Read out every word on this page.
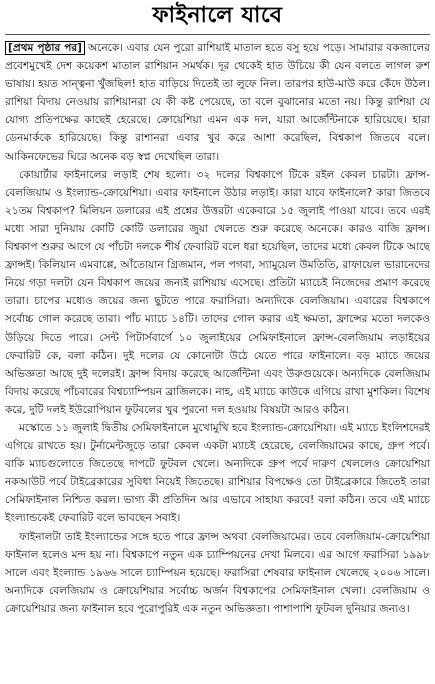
ফাইনালে যাবে

[প্রথম পৃষ্ঠার পর] অনেকে। এবার যেন পুরো রাশিয়াই মাতাল হতে বসু হয়ে পড়ে। সামারার বকজালের প্রবেশমুখেই দেশ কয়েকশ মাতাল রাশিয়ান সমর্থক। দূর থেকেই হাত উচিয়ে কী যেন বলতে লাগল রুশ ভাষায়। হয়ত সান্ত্বনা খুঁজছিল! হাত বাড়িয়ে দিতেই তা লুফে নিল। তারপর হাউ-মাউ করে কেঁদে উঠল। রাশিয়া বিদায় নেওয়ায় রাশিয়ানরা যে কী কষ্ট পেয়েছে, তা বলে বুঝানোর মতো নয়। কিন্তু রাশিয়া যে যোগ্য প্রতিপক্ষের কাছেই হেরেছে। ক্রোয়েশিয়া এমন এক দল, যারা আর্জেন্টিনাকে হারিয়েছে। হারা ডেনমার্ককে হারিয়েছে। কিন্তু রাশানরা এবার খুব করে আশা করেছিল, বিশ্বকাপ জিতবে বলে। আকিনফেভের ঘিরে অনেক বড় স্বপ্ন দেখেছিল তারা।

কোয়ার্টার ফাইনালের লড়াই শেষ হলো। ৩২ দলের বিশ্বকাপে টিকে রইল কেবল চারটা। ফ্রান্স-বেলজিয়াম ও ইংল্যান্ড-ক্রোয়েশিয়া। এবার ফাইনালে উঠার লড়াই। কারা যাবে ফাইনালে? কারা জিতবে ২১তম বিশ্বকাপ? মিলিয়ন ডলারের এই প্রশ্নের উত্তরটা একেবারে ১৫ জুলাই পাওয়া যাবে। তবে এরই মধ্যে সারা দুনিয়ায় কোটি কোটি ডলারের জুয়া খেলতে শুরু করেছে অনেকে। কারও বাজি ফ্রান্স। বিশ্বকাপ শুরুর আগে যে পাঁচটা দলকে শীর্ষ ফেবারিট বলে ধরা হয়েছিল, তাদের মধ্যে কেবল টিকে আছে ফ্রান্সই। কিলিয়ান এমবাপ্পে, আঁতোয়ান গ্রিজমান, পল পগবা, স্যামুয়েল উমতিতি, রাফায়েল ভারানেদের নিয়ে গড়া দলটা যেন বিশ্বকাপ জয়ের জন্যই রাশিয়ায় এসেছে। প্রতিটা ম্যাচেই নিজেদের প্রমাণ করেছে তারা। চাপের মধ্যেও জয়ের জন্য ছুটতে পারে ফরাসিরা। অন্যদিকে বেলজিয়াম। এবারের বিশ্বকাপে সর্বোচ্চ গোল করেছে তারা। পাঁচ ম্যাচে ১৪টি। তাদের গোল করার এই ক্ষমতা, ফ্রান্সের মতো দলকেও উড়িয়ে দিতে পারে। সেন্ট পিটার্সবার্গে ১০ জুলাইয়ের সেমিফাইনালে ফ্রান্স-বেলজিয়াম লড়াইয়ের ফেবারিট কে, বলা কঠিন। দুই দলের যে কোনোটা উঠে যেতে পারে ফাইনালে। বড় ম্যাচে জয়ের অভিজ্ঞতা আছে দুই দলেরই। ফ্রান্স বিদায় করেছে আর্জেন্টিনা এবং উরুগুয়েকে। অন্যদিকে বেলজিয়াম বিদায় করেছে পাঁচবারের বিশ্বচ্যাম্পিয়ন ব্রাজিলকে। নাহ, এই ম্যাচে কাউকে এগিয়ে রাখা মুশকিল। বিশেষ করে, দুটি দলই ইউরোপিয়ান ফুটবলের খুব পুরনো দল হওয়ায় বিষয়টা আরও কঠিন।

মস্কোতে ১১ জুলাই দ্বিতীয় সেমিফাইনালে মুখোমুখি হবে ইংল্যান্ড-ক্রোয়েশিয়া। এই ম্যাচে ইংলিশদেরই এগিয়ে রাখতে হয়। টুর্নামেন্টজুড়ে তারা কেবল একটা ম্যাচই হেরেছে, বেলজিয়ামের কাছে, গ্রুপ পর্বে। বাকি ম্যাচগুলোতে জিতেছে দাপটে ফুটবল খেলে। অন্যদিকে গ্রুপ পর্বে দারুণ খেললেও ক্রোয়েশিয়া নকআউট পর্বে টাইব্রেকারের সুবিধা নিয়েই জিতেছে। রাশিয়ার বিপক্ষেও তো টাইব্রেকারে জিতেই তারা সেমিফাইনাল নিশ্চিত করল। ভাগ্য কী প্রতিদিন আর এভাবে সাহায্য করবে! বলা কঠিন। তবে এই ম্যাচে ইংল্যান্ডকেই ফেবারিট বলে ভাবছেন সবাই।

ফাইনালটা তাই ইংল্যান্ডের সঙ্গে হতে পারে ফ্রান্স অথবা বেলজিয়ামের। তবে বেলজিয়াম-ক্রোয়েশিয়া ফাইনাল হলেও মন্দ হয় না। বিশ্বকাপে নতুন এক চ্যাম্পিয়নের দেখা মিলবে। এর আগে ফরাসিরা ১৯৯৮ সালে এবং ইংল্যান্ড ১৯৬৬ সালে চ্যাম্পিয়ন হয়েছে। ফরাসিরা শেষবার ফাইনাল খেলেছে ২০০৬ সালে। অন্যদিকে বেলজিয়াম ও ক্রোয়েশিয়ার সর্বোচ্চ অর্জন বিশ্বকাপের সেমিফাইনাল খেলা। বেলজিয়াম ও ক্রোয়েশিয়ার জন্য ফাইনাল হবে পুরোপুরিই এক নতুন অভিজ্ঞতা। পাশাপাশি ফুটবল দুনিয়ার জন্যও।
